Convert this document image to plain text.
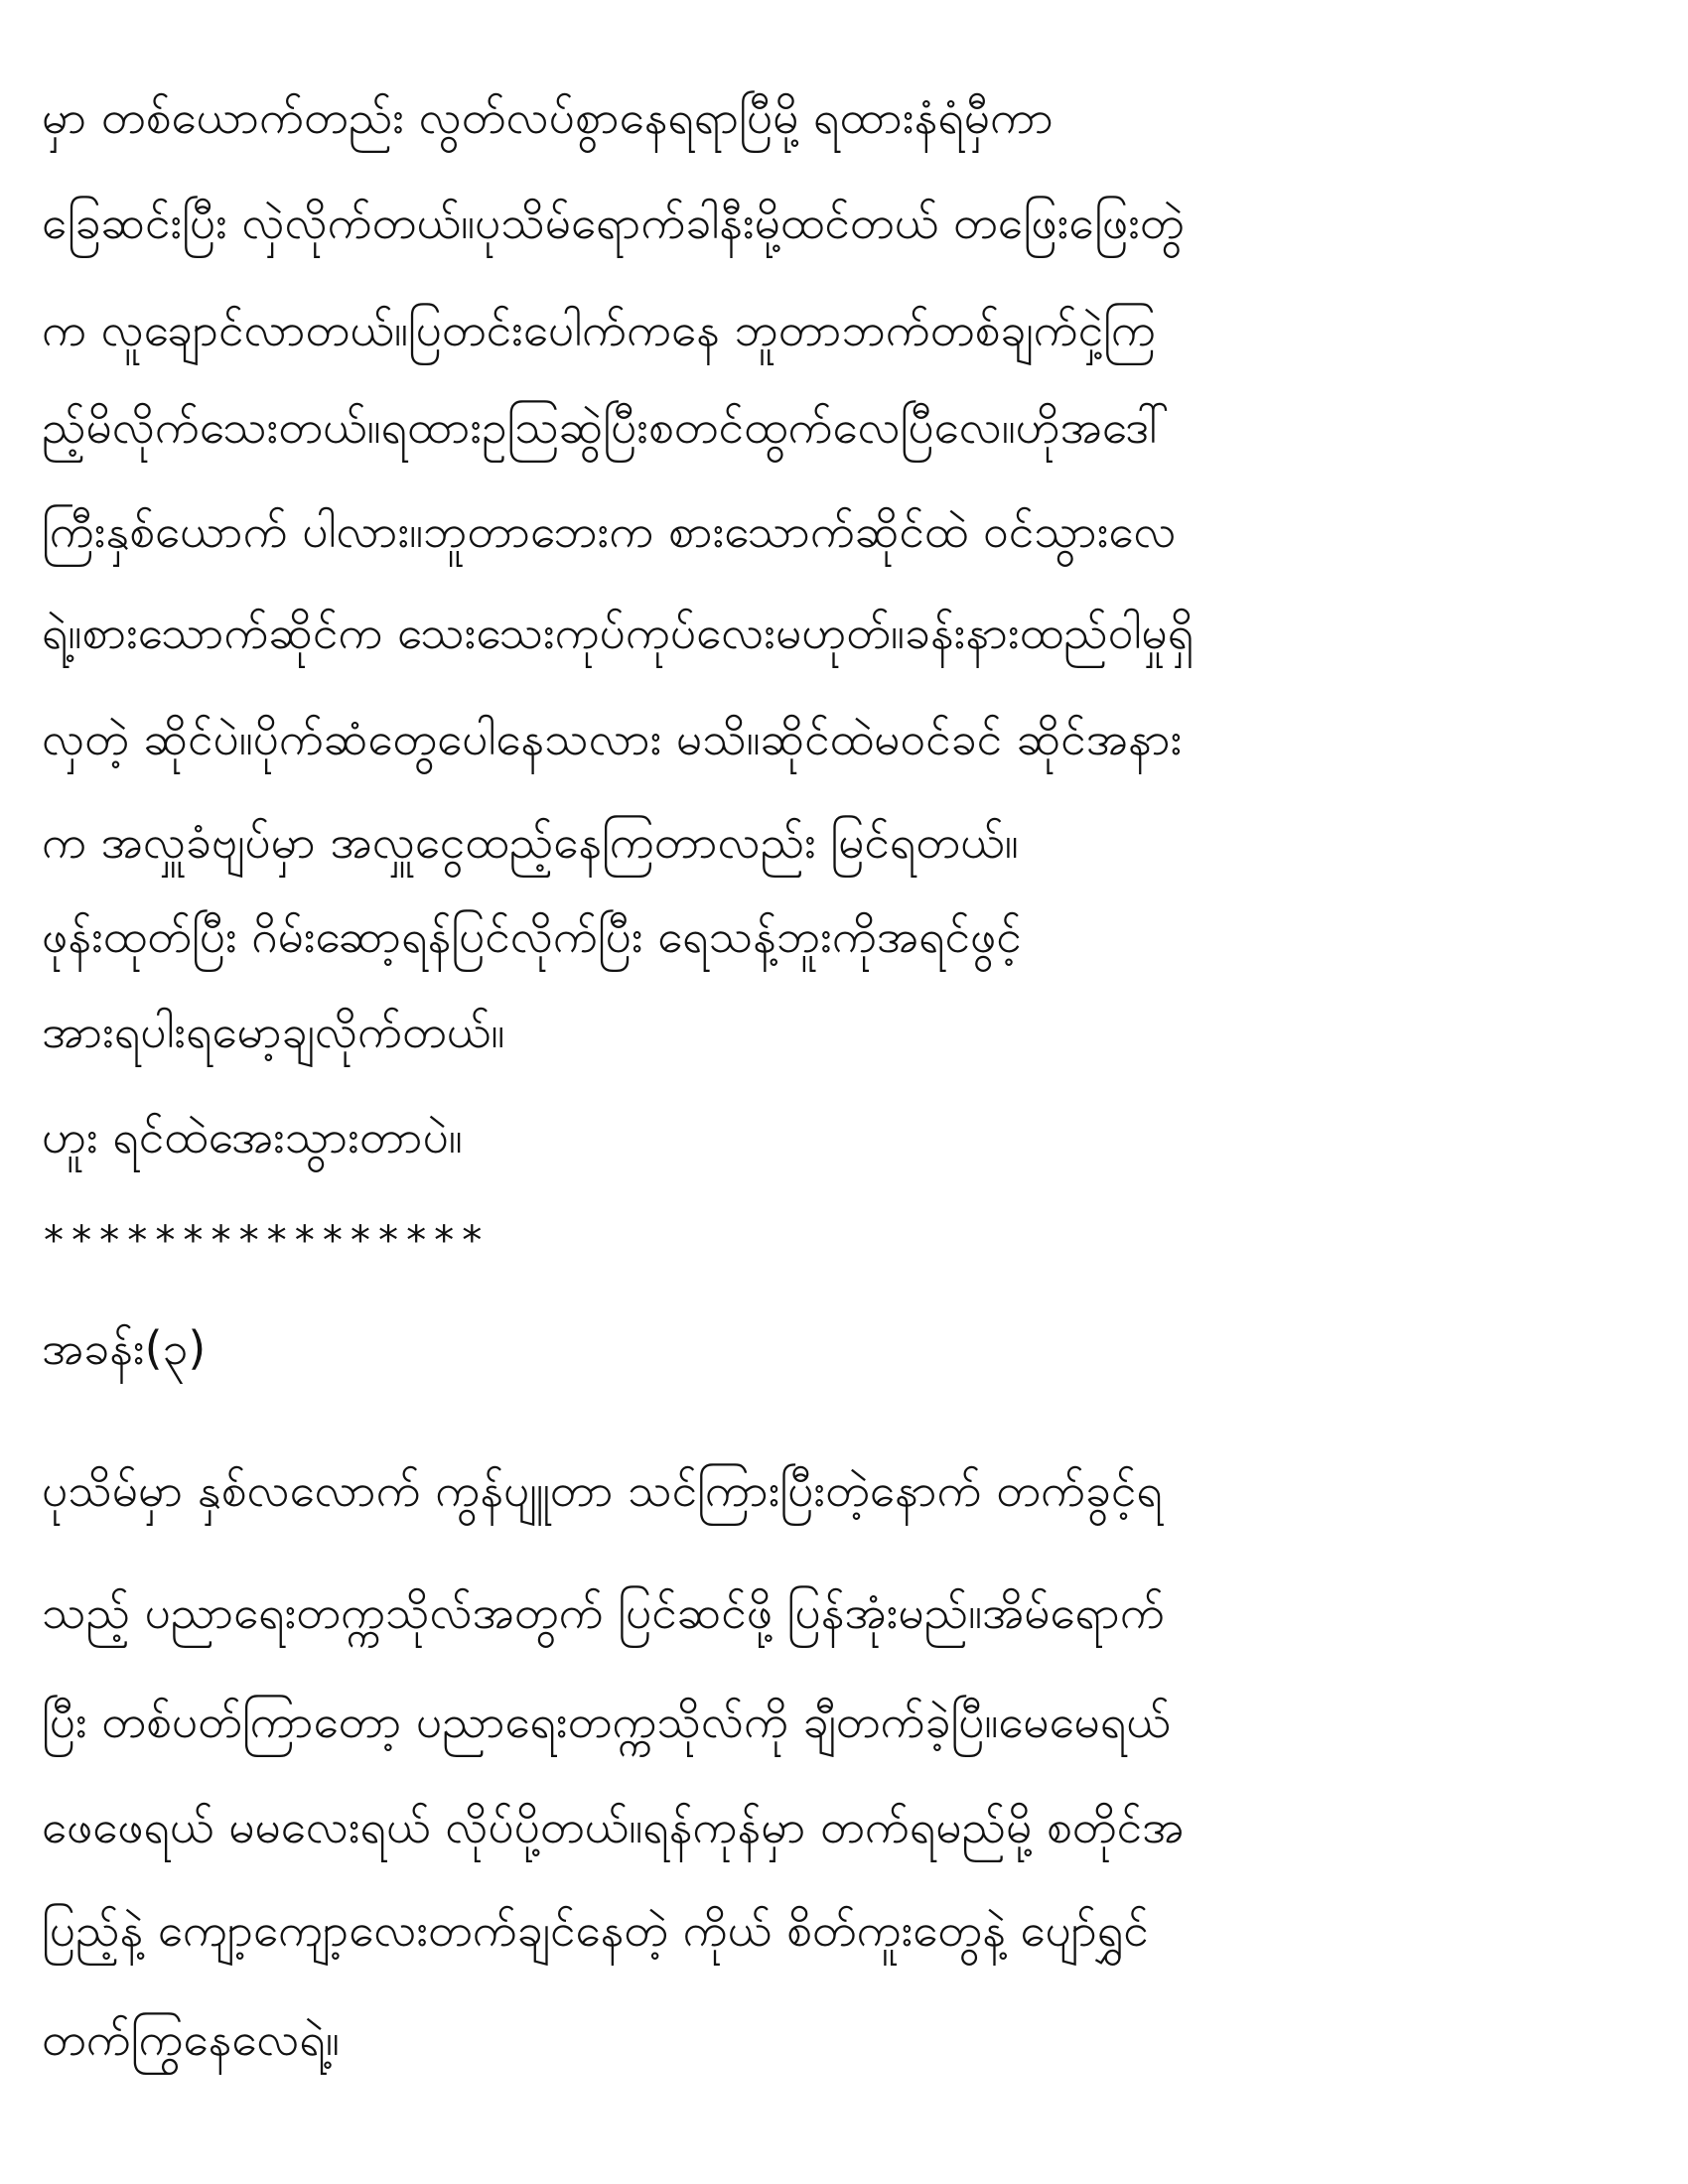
မှာ တစ်ယောက်တည်း လွတ်လပ်စွာနေရရာပြီမို့ ရထားနံရံမှီကာ
ခြေဆင်းပြီး လှဲလိုက်တယ်။ပုသိမ်ရောက်ခါနီးမို့ထင်တယ် တဖြေးဖြေးတွဲ
က လူချောင်လာတယ်။ပြတင်းပေါက်ကနေ ဘူတာဘက်တစ်ချက်ငှဲ့ကြ
ည့်မိလိုက်သေးတယ်။ရထားဥသြဆွဲပြီးစတင်ထွက်လေပြီလေ။ဟိုအဒေါ်
ကြီးနှစ်ယောက် ပါလား။ဘူတာဘေးက စားသောက်ဆိုင်ထဲ ဝင်သွားလေ
ရဲ့။စားသောက်ဆိုင်က သေးသေးကုပ်ကုပ်လေးမဟုတ်။ခန်းနားထည်ဝါမှုရှိ
လှတဲ့ ဆိုင်ပဲ။ပိုက်ဆံတွေပေါနေသလား မသိ။ဆိုင်ထဲမဝင်ခင် ဆိုင်အနား
က အလှူခံဗျပ်မှာ အလှူငွေထည့်နေကြတာလည်း မြင်ရတယ်။
ဖုန်းထုတ်ပြီး ဂိမ်းဆော့ရန်ပြင်လိုက်ပြီး ရေသန့်ဘူးကိုအရင်ဖွင့်
အားရပါးရမော့ချလိုက်တယ်။
ဟူး ရင်ထဲအေးသွားတာပဲ။
****************
အခန်း(၃)
ပုသိမ်မှာ နှစ်လလောက် ကွန်ပျူတာ သင်ကြားပြီးတဲ့နောက် တက်ခွင့်ရ
သည့် ပညာရေးတက္ကသိုလ်အတွက် ပြင်ဆင်ဖို့ ပြန်အုံးမည်။အိမ်ရောက်
ပြီး တစ်ပတ်ကြာတော့ ပညာရေးတက္ကသိုလ်ကို ချီတက်ခဲ့ပြီ။မေမေရယ်
ဖေဖေရယ် မမလေးရယ် လိုပ်ပို့တယ်။ရန်ကုန်မှာ တက်ရမည်မို့ စတိုင်အ
ပြည့်နဲ့ ကျော့ကျော့လေးတက်ချင်နေတဲ့ ကိုယ် စိတ်ကူးတွေနဲ့ ပျော်ရွှင်
တက်ကြွနေလေရဲ့။
